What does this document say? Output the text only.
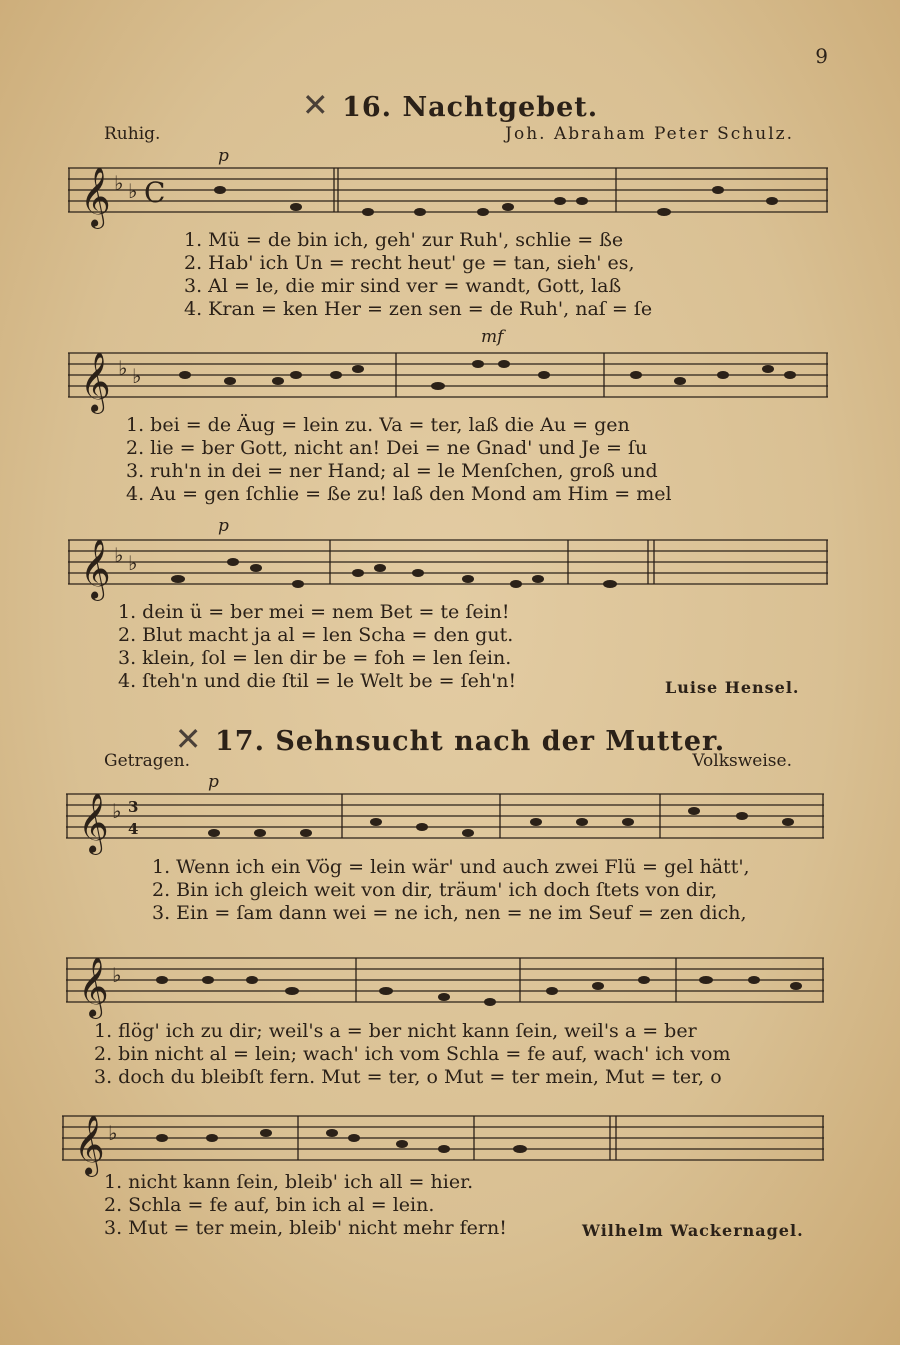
9
✕ 16. Nachtgebet.
Ruhig.	Joh. Abraham Peter Schulz.
p
𝄞 ♭ ♭ C
1. Mü = de bin ich, geh' zur Ruh', schlie = ße
2. Hab' ich Un = recht heut' ge = tan, sieh' es,
3. Al = le, die mir sind ver = wandt, Gott, laß
4. Kran = ken Her = zen sen = de Ruh', naſ = ſe
mf
𝄞 ♭ ♭
1. bei = de Äug = lein zu. Va = ter, laß die Au = gen
2. lie = ber Gott, nicht an! Dei = ne Gnad' und Je = ſu
3. ruh'n in dei = ner Hand; al = le Menſchen, groß und
4. Au = gen ſchlie = ße zu! laß den Mond am Him = mel
p
𝄞 ♭ ♭
1. dein ü = ber mei = nem Bet = te ſein!
2. Blut macht ja al = len Scha = den gut.
3. klein, ſol = len dir be = foh = len ſein.
4. ſteh'n und die ſtil = le Welt be = ſeh'n!	Luise Hensel.
✕ 17. Sehnsucht nach der Mutter.
Getragen.	Volksweise.
p
𝄞 ♭ 3
4
1. Wenn ich ein Vög = lein wär' und auch zwei Flü = gel hätt',
2. Bin ich gleich weit von dir, träum' ich doch ſtets von dir,
3. Ein = ſam dann wei = ne ich, nen = ne im Seuf = zen dich,
𝄞 ♭
1. flög' ich zu dir; weil's a = ber nicht kann ſein, weil's a = ber
2. bin nicht al = lein; wach' ich vom Schla = fe auf, wach' ich vom
3. doch du bleibſt fern. Mut = ter, o Mut = ter mein, Mut = ter, o
𝄞 ♭
1. nicht kann ſein, bleib' ich all = hier.
2. Schla = fe auf, bin ich al = lein.
3. Mut = ter mein, bleib' nicht mehr fern!	Wilhelm Wackernagel.
